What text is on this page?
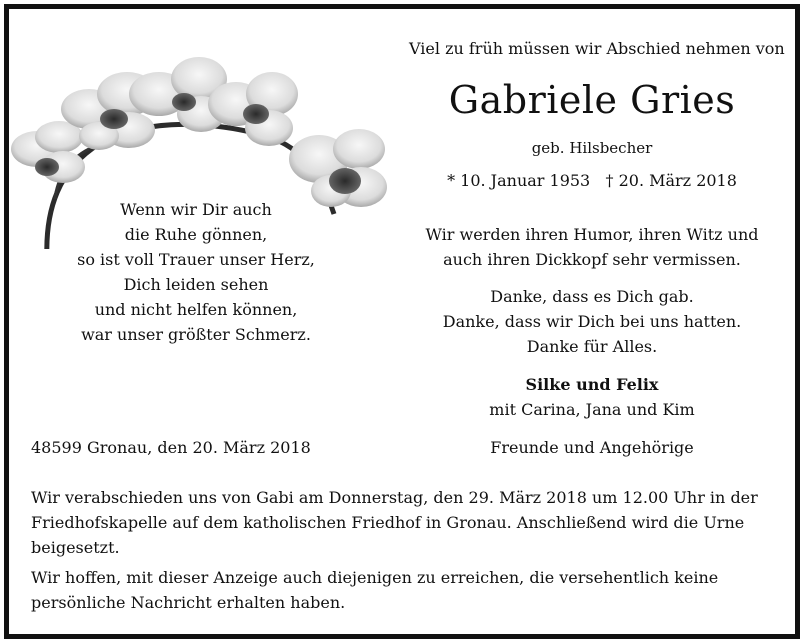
Viel zu früh müssen wir Abschied nehmen von
Gabriele Gries
geb. Hilsbecher
* 10. Januar 1953   † 20. März 2018
Wenn wir Dir auch
die Ruhe gönnen,
so ist voll Trauer unser Herz,
Dich leiden sehen
und nicht helfen können,
war unser größter Schmerz.
Wir werden ihren Humor, ihren Witz und
auch ihren Dickkopf sehr vermissen.
Danke, dass es Dich gab.
Danke, dass wir Dich bei uns hatten.
Danke für Alles.
Silke und Felix
mit Carina, Jana und Kim
Freunde und Angehörige
48599 Gronau, den 20. März 2018
Wir verabschieden uns von Gabi am Donnerstag, den 29. März 2018 um 12.00 Uhr in der Friedhofskapelle auf dem katholischen Friedhof in Gronau. Anschließend wird die Urne beigesetzt.
Wir hoffen, mit dieser Anzeige auch diejenigen zu erreichen, die versehentlich keine persönliche Nachricht erhalten haben.
